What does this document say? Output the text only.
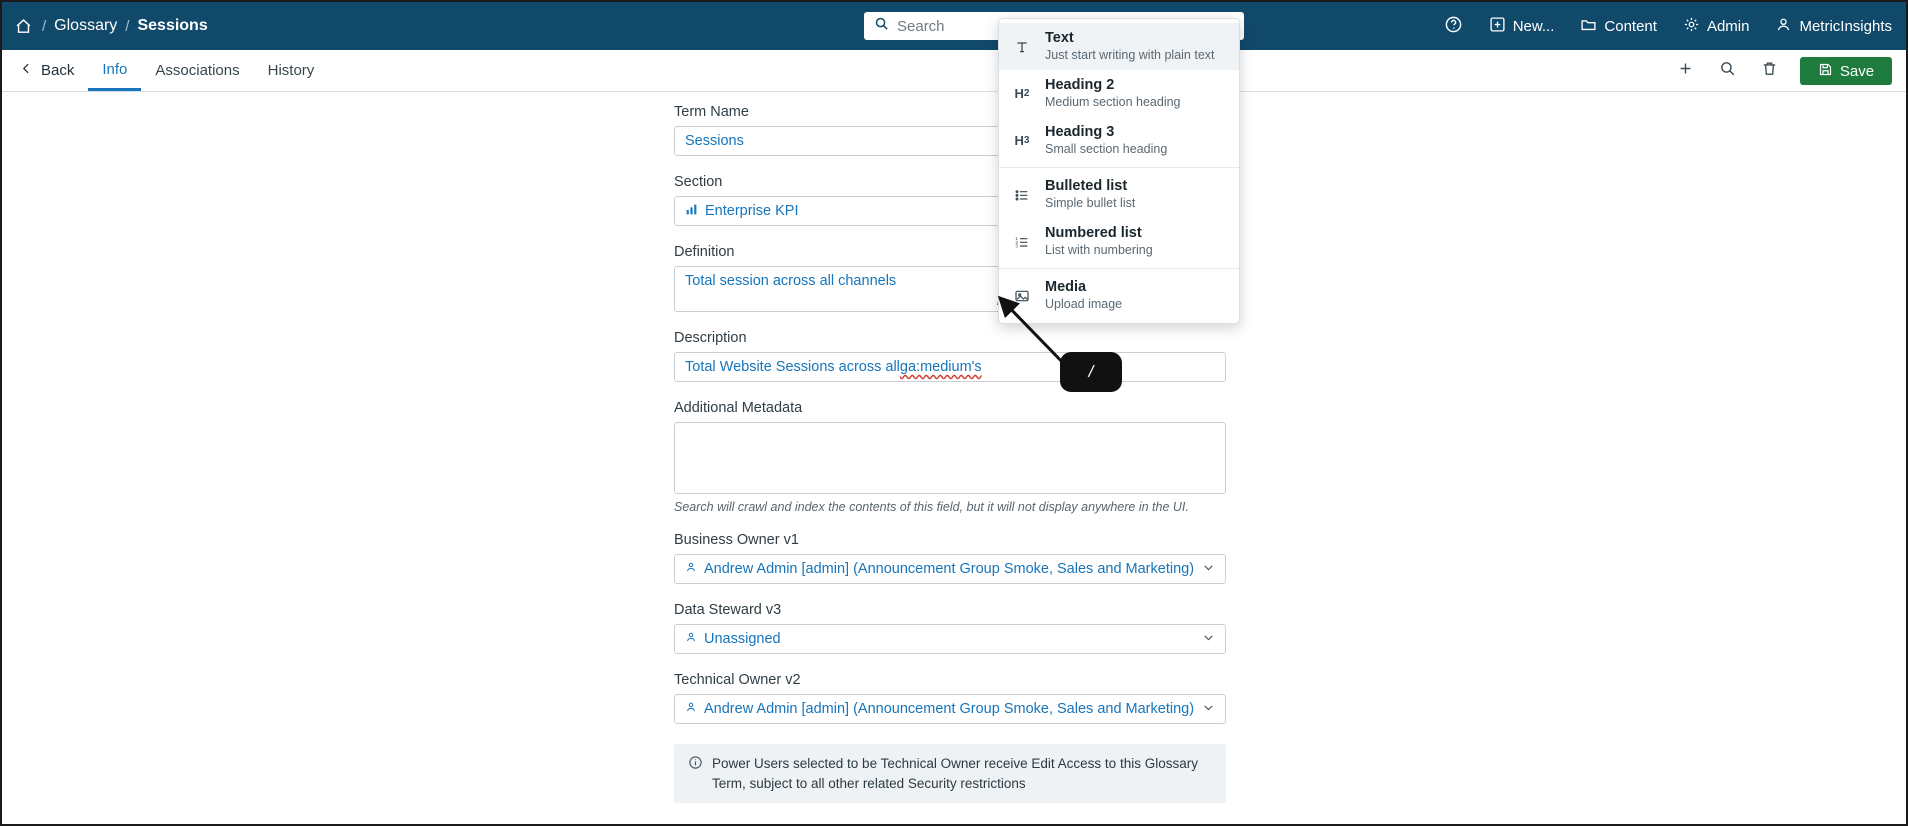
/ Glossary / Sessions	Search	New...	Content	Admin	MetricInsights
Back Info Associations History	Save
Term Name
Sessions
Section
Enterprise KPI
Definition
Total session across all channels
Description
Total Website Sessions across all ga:medium's
Additional Metadata
Search will crawl and index the contents of this field, but it will not display anywhere in the UI.
Business Owner v1
Andrew Admin [admin] (Announcement Group Smoke, Sales and Marketing)
Data Steward v3
Unassigned
Technical Owner v2
Andrew Admin [admin] (Announcement Group Smoke, Sales and Marketing)
Power Users selected to be Technical Owner receive Edit Access to this Glossary Term, subject to all other related Security restrictions
Text
Just start writing with plain text
H 2
Heading 2
Medium section heading
H 3
Heading 3
Small section heading
Bulleted list
Simple bullet list
1
2
3
Numbered list
List with numbering
Media
Upload image
/
